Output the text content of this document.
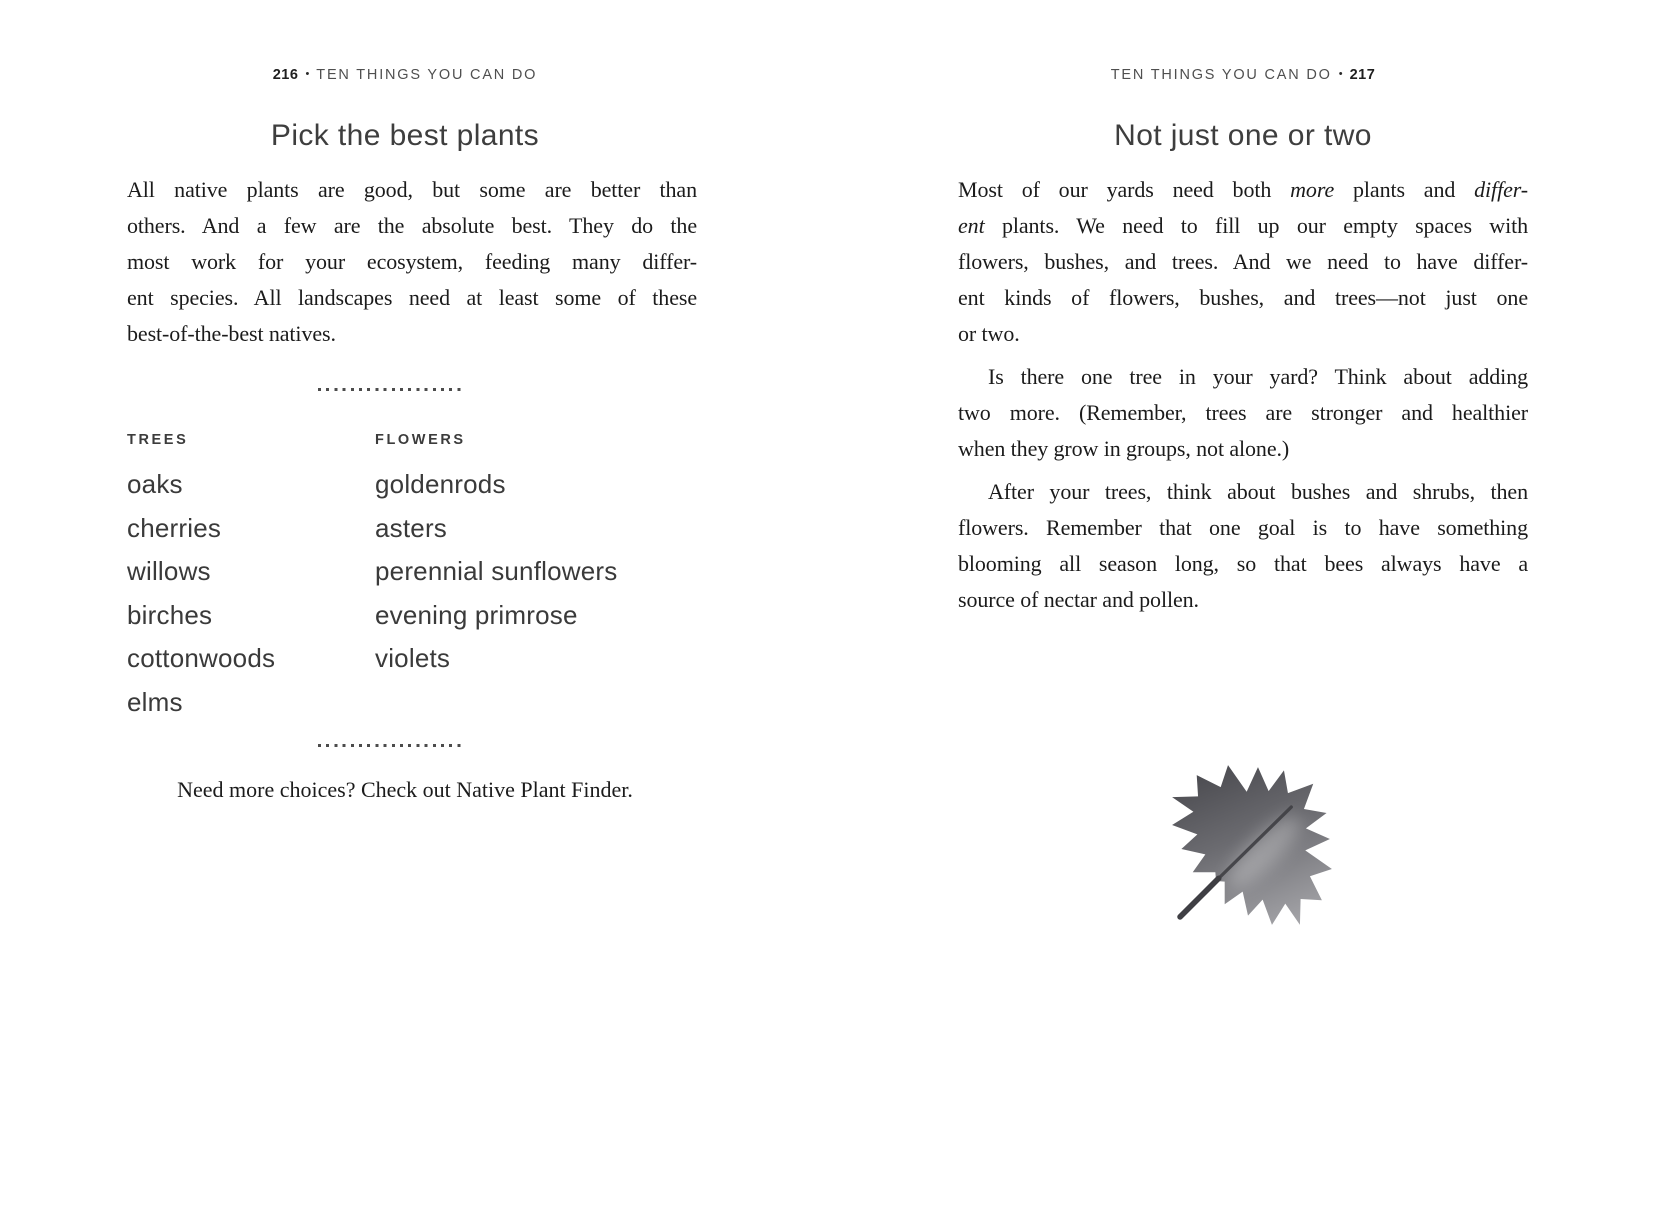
216 • TEN THINGS YOU CAN DO
Pick the best plants
All native plants are good, but some are better than
others. And a few are the absolute best. They do the
most work for your ecosystem, feeding many differ-
ent species. All landscapes need at least some of these
best-of-the-best natives.
TREES
oaks
cherries
willows
birches
cottonwoods
elms
FLOWERS
goldenrods
asters
perennial sunflowers
evening primrose
violets
Need more choices? Check out Native Plant Finder.
TEN THINGS YOU CAN DO • 217
Not just one or two
Most of our yards need both more plants and differ-
ent plants. We need to fill up our empty spaces with
flowers, bushes, and trees. And we need to have differ-
ent kinds of flowers, bushes, and trees—not just one
or two.
Is there one tree in your yard? Think about adding
two more. (Remember, trees are stronger and healthier
when they grow in groups, not alone.)
After your trees, think about bushes and shrubs, then
flowers. Remember that one goal is to have something
blooming all season long, so that bees always have a
source of nectar and pollen.
